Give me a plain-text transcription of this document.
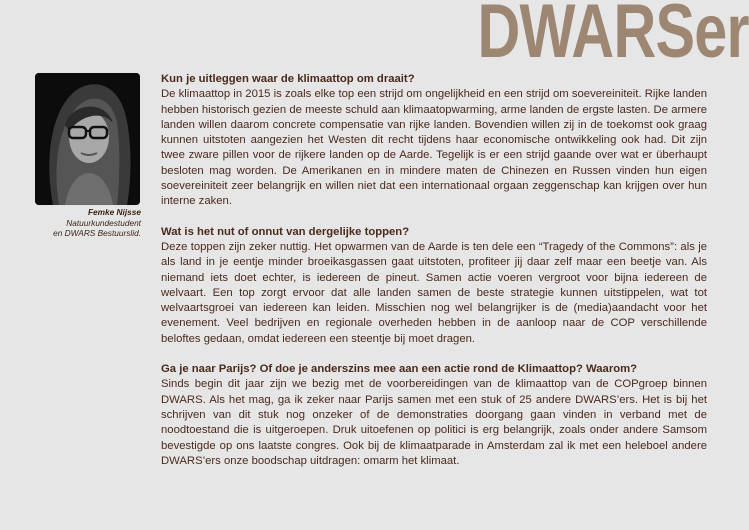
DWARSer
Femke Nijsse
Natuurkundestudent
en DWARS Bestuurslid.

Kun je uitleggen waar de klimaattop om draait?

De klimaattop in 2015 is zoals elke top een strijd om ongelijkheid en een strijd om soevereiniteit. Rijke landen hebben historisch gezien de meeste schuld aan klimaatopwarming, arme landen de ergste lasten. De armere landen willen daarom concrete compensatie van rijke landen. Bovendien willen zij in de toekomst ook graag kunnen uitstoten aangezien het Westen dit recht tijdens haar economische ontwikkeling ook had. Dit zijn twee zware pillen voor de rijkere landen op de Aarde. Tegelijk is er een strijd gaande over wat er überhaupt besloten mag worden. De Amerikanen en in mindere maten de Chinezen en Russen vinden hun eigen soevereiniteit zeer belangrijk en willen niet dat een internationaal orgaan zeggenschap kan krijgen over hun interne zaken.

Wat is het nut of onnut van dergelijke toppen?

Deze toppen zijn zeker nuttig. Het opwarmen van de Aarde is ten dele een “Tragedy of the Commons”: als je als land in je eentje minder broeikasgassen gaat uitstoten, profiteer jij daar zelf maar een beetje van. Als niemand iets doet echter, is iedereen de pineut. Samen actie voeren vergroot voor bijna iedereen de welvaart. Een top zorgt ervoor dat alle landen samen de beste strategie kunnen uitstippelen, wat tot welvaartsgroei van iedereen kan leiden. Misschien nog wel belangrijker is de (media)aandacht voor het evenement. Veel bedrijven en regionale overheden hebben in de aanloop naar de COP verschillende beloftes gedaan, omdat iedereen een steentje bij moet dragen.

Ga je naar Parijs? Of doe je anderszins mee aan een actie rond de Klimaattop? Waarom?

Sinds begin dit jaar zijn we bezig met de voorbereidingen van de klimaattop van de COPgroep binnen DWARS. Als het mag, ga ik zeker naar Parijs samen met een stuk of 25 andere DWARS’ers. Het is bij het schrijven van dit stuk nog onzeker of de demonstraties doorgang gaan vinden in verband met de noodtoestand die is uitgeroepen. Druk uitoefenen op politici is erg belangrijk, zoals onder andere Samsom bevestigde op ons laatste congres. Ook bij de klimaatparade in Amsterdam zal ik met een heleboel andere DWARS’ers onze boodschap uitdragen: omarm het klimaat.
